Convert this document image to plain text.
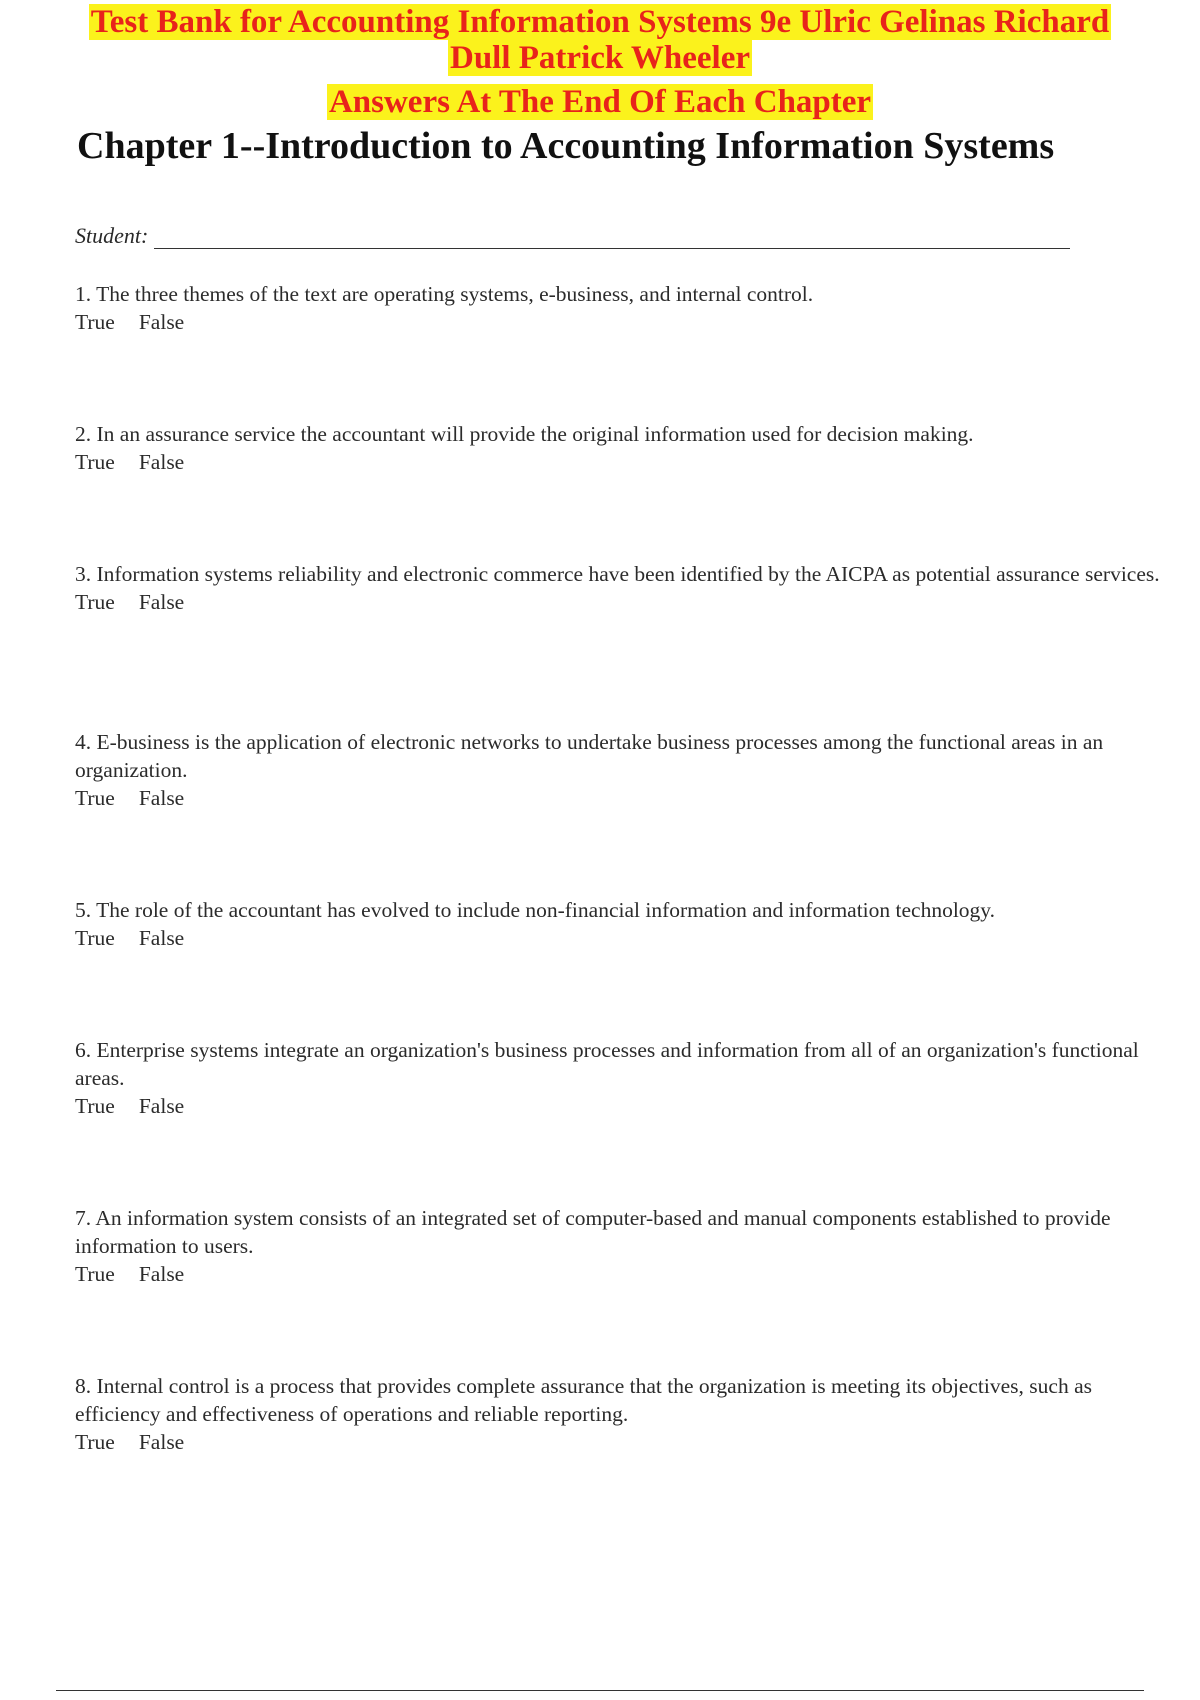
Test Bank for Accounting Information Systems 9e Ulric Gelinas Richard
Dull Patrick Wheeler
Answers At The End Of Each Chapter
Chapter 1--Introduction to Accounting Information Systems
Student:
1. The three themes of the text are operating systems, e-business, and internal control.
True False
2. In an assurance service the accountant will provide the original information used for decision making.
True False
3. Information systems reliability and electronic commerce have been identified by the AICPA as potential assurance services.
True False
4. E-business is the application of electronic networks to undertake business processes among the functional areas in an organization.
True False
5. The role of the accountant has evolved to include non-financial information and information technology.
True False
6. Enterprise systems integrate an organization's business processes and information from all of an organization's functional areas.
True False
7. An information system consists of an integrated set of computer-based and manual components established to provide information to users.
True False
8. Internal control is a process that provides complete assurance that the organization is meeting its objectives, such as efficiency and effectiveness of operations and reliable reporting.
True False
